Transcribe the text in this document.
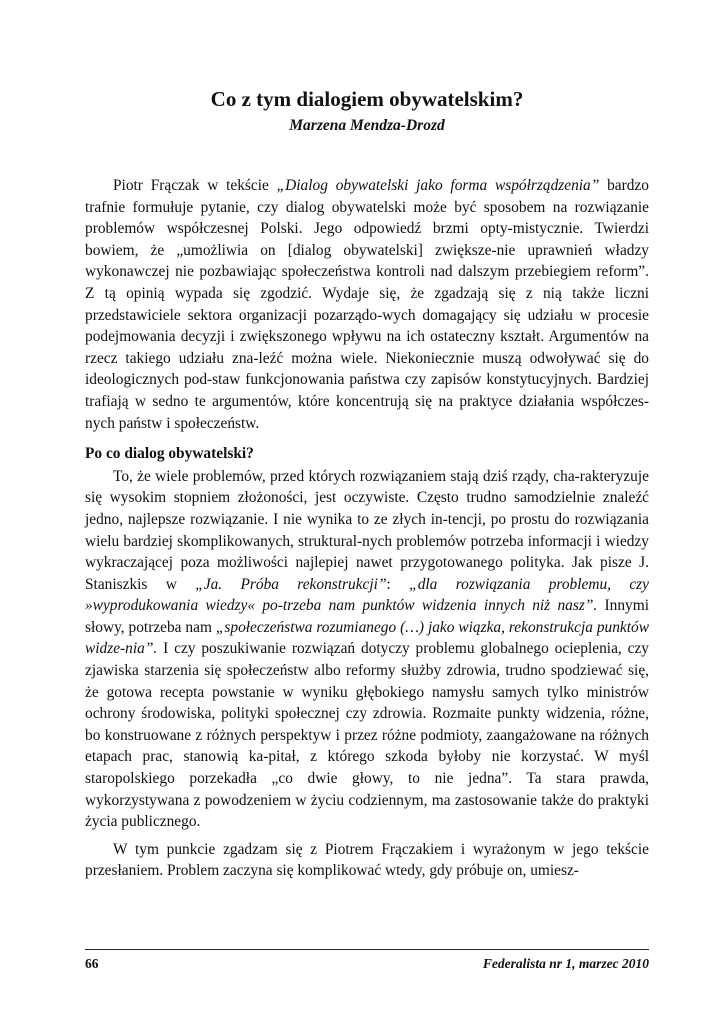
Co z tym dialogiem obywatelskim?
Marzena Mendza-Drozd

Piotr Frączak w tekście „Dialog obywatelski jako forma współrządzenia” bardzo trafnie formułuje pytanie, czy dialog obywatelski może być sposobem na rozwiązanie problemów współczesnej Polski. Jego odpowiedź brzmi opty-mistycznie. Twierdzi bowiem, że „umożliwia on [dialog obywatelski] zwiększe-nie uprawnień władzy wykonawczej nie pozbawiając społeczeństwa kontroli nad dalszym przebiegiem reform”. Z tą opinią wypada się zgodzić. Wydaje się, że zgadzają się z nią także liczni przedstawiciele sektora organizacji pozarządo-wych domagający się udziału w procesie podejmowania decyzji i zwiększonego wpływu na ich ostateczny kształt. Argumentów na rzecz takiego udziału zna-leźć można wiele. Niekoniecznie muszą odwoływać się do ideologicznych pod-staw funkcjonowania państwa czy zapisów konstytucyjnych. Bardziej trafiają w sedno te argumentów, które koncentrują się na praktyce działania współczes-nych państw i społeczeństw.

Po co dialog obywatelski?

To, że wiele problemów, przed których rozwiązaniem stają dziś rządy, cha-rakteryzuje się wysokim stopniem złożoności, jest oczywiste. Często trudno samodzielnie znaleźć jedno, najlepsze rozwiązanie. I nie wynika to ze złych in-tencji, po prostu do rozwiązania wielu bardziej skomplikowanych, struktural-nych problemów potrzeba informacji i wiedzy wykraczającej poza możliwości najlepiej nawet przygotowanego polityka. Jak pisze J. Staniszkis w „Ja. Próba rekonstrukcji”: „dla rozwiązania problemu, czy »wyprodukowania wiedzy« po-trzeba nam punktów widzenia innych niż nasz”. Innymi słowy, potrzeba nam „społeczeństwa rozumianego (…) jako wiązka, rekonstrukcja punktów widze-nia”. I czy poszukiwanie rozwiązań dotyczy problemu globalnego ocieplenia, czy zjawiska starzenia się społeczeństw albo reformy służby zdrowia, trudno spodziewać się, że gotowa recepta powstanie w wyniku głębokiego namysłu samych tylko ministrów ochrony środowiska, polityki społecznej czy zdrowia. Rozmaite punkty widzenia, różne, bo konstruowane z różnych perspektyw i przez różne podmioty, zaangażowane na różnych etapach prac, stanowią ka-pitał, z którego szkoda byłoby nie korzystać. W myśl staropolskiego porzekadła „co dwie głowy, to nie jedna”. Ta stara prawda, wykorzystywana z powodzeniem w życiu codziennym, ma zastosowanie także do praktyki życia publicznego.

W tym punkcie zgadzam się z Piotrem Frączakiem i wyrażonym w jego tekście przesłaniem. Problem zaczyna się komplikować wtedy, gdy próbuje on, umiesz-

66	Federalista nr 1, marzec 2010
